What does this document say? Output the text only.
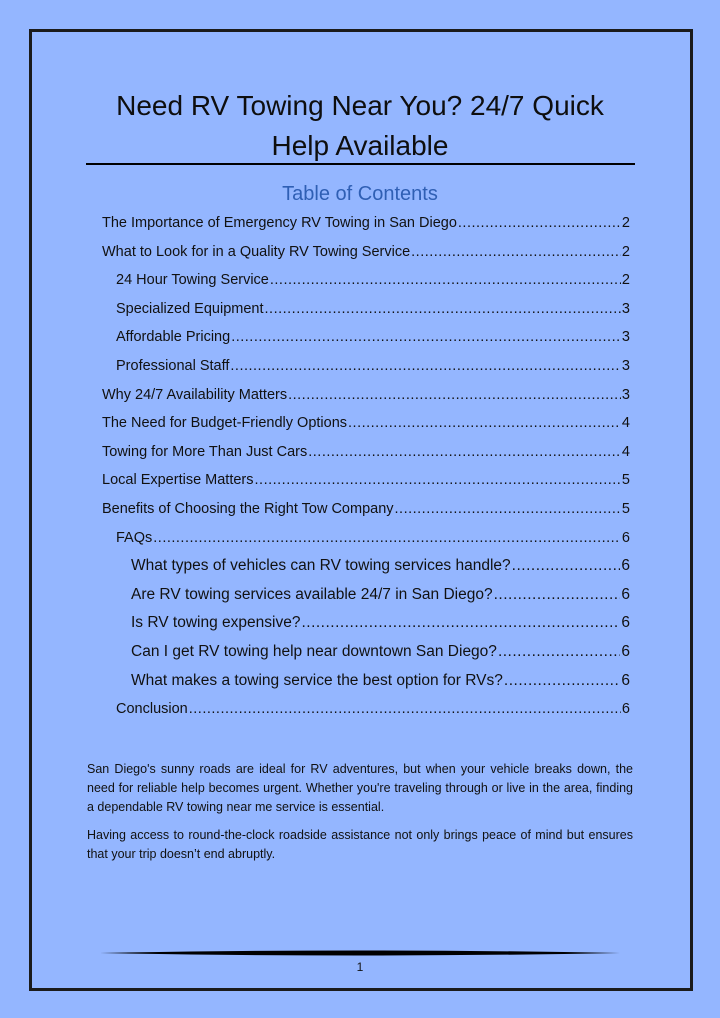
Need RV Towing Near You? 24/7 Quick
Help Available
Table of Contents
The Importance of Emergency RV Towing in San Diego .....	2
What to Look for in a Quality RV Towing Service .....	2
24 Hour Towing Service .....	2
Specialized Equipment .....	3
Affordable Pricing .....	3
Professional Staff .....	3
Why 24/7 Availability Matters .....	3
The Need for Budget-Friendly Options .....	4
Towing for More Than Just Cars .....	4
Local Expertise Matters .....	5
Benefits of Choosing the Right Tow Company .....	5
FAQs .....	6
What types of vehicles can RV towing services handle? .....	6
Are RV towing services available 24/7 in San Diego? .....	6
Is RV towing expensive? .....	6
Can I get RV towing help near downtown San Diego? .....	6
What makes a towing service the best option for RVs? .....	6
Conclusion .....	6

San Diego's sunny roads are ideal for RV adventures, but when your vehicle breaks down, the need for reliable help becomes urgent. Whether you're traveling through or live in the area, finding a dependable RV towing near me service is essential.

Having access to round-the-clock roadside assistance not only brings peace of mind but ensures that your trip doesn’t end abruptly.

1
